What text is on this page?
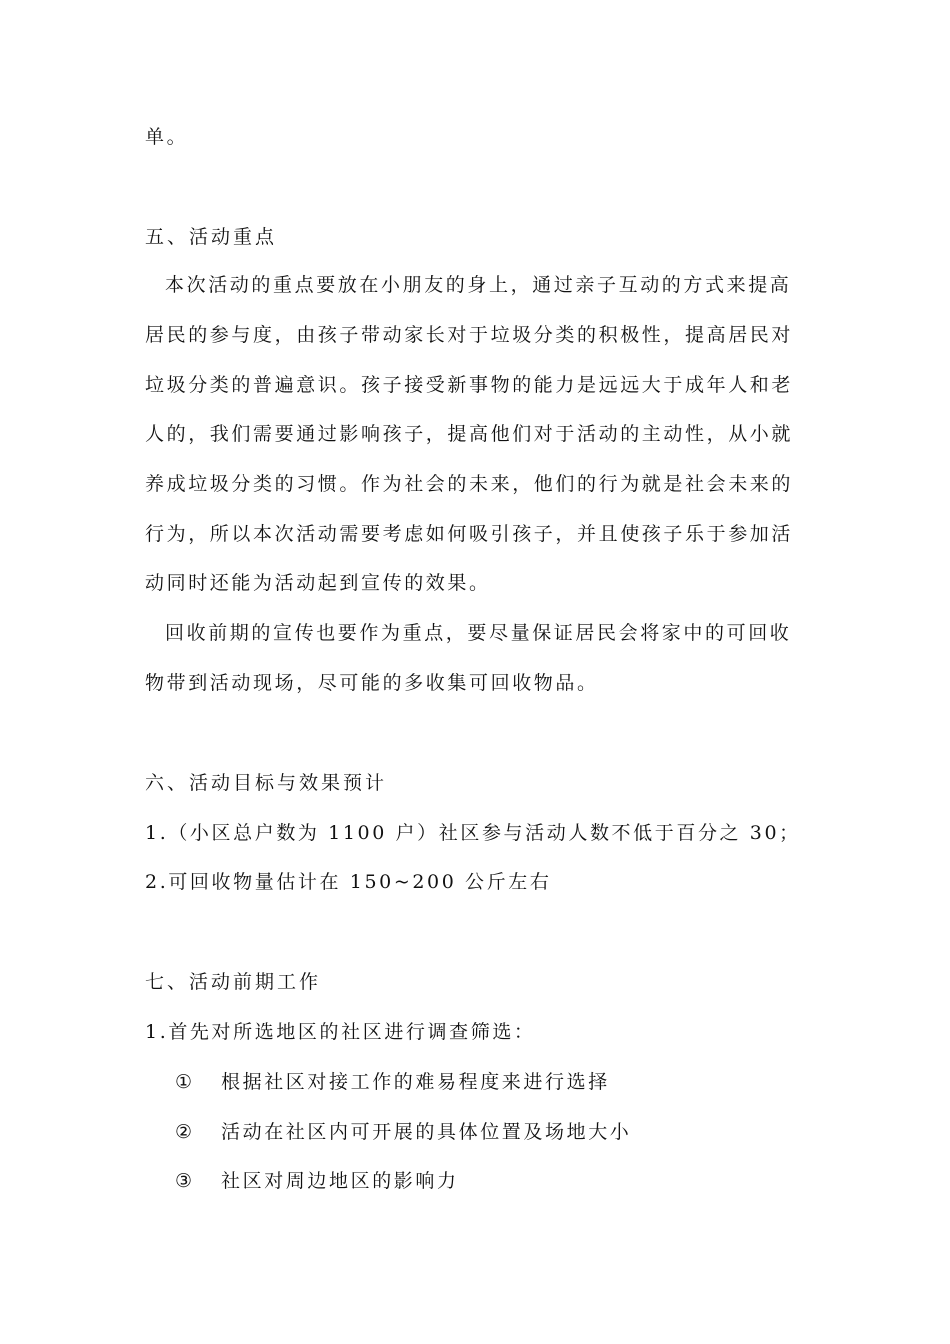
单。
五、活动重点
本次活动的重点要放在小朋友的身上，通过亲子互动的方式来提高
居民的参与度，由孩子带动家长对于垃圾分类的积极性，提高居民对
垃圾分类的普遍意识。孩子接受新事物的能力是远远大于成年人和老
人的，我们需要通过影响孩子，提高他们对于活动的主动性，从小就
养成垃圾分类的习惯。作为社会的未来，他们的行为就是社会未来的
行为，所以本次活动需要考虑如何吸引孩子，并且使孩子乐于参加活
动同时还能为活动起到宣传的效果。
回收前期的宣传也要作为重点，要尽量保证居民会将家中的可回收
物带到活动现场，尽可能的多收集可回收物品。
六、活动目标与效果预计
1.（小区总户数为 1100 户）社区参与活动人数不低于百分之 30；
2.可回收物量估计在 150~200 公斤左右
七、活动前期工作
1.首先对所选地区的社区进行调查筛选：
① 根据社区对接工作的难易程度来进行选择
② 活动在社区内可开展的具体位置及场地大小
③ 社区对周边地区的影响力
